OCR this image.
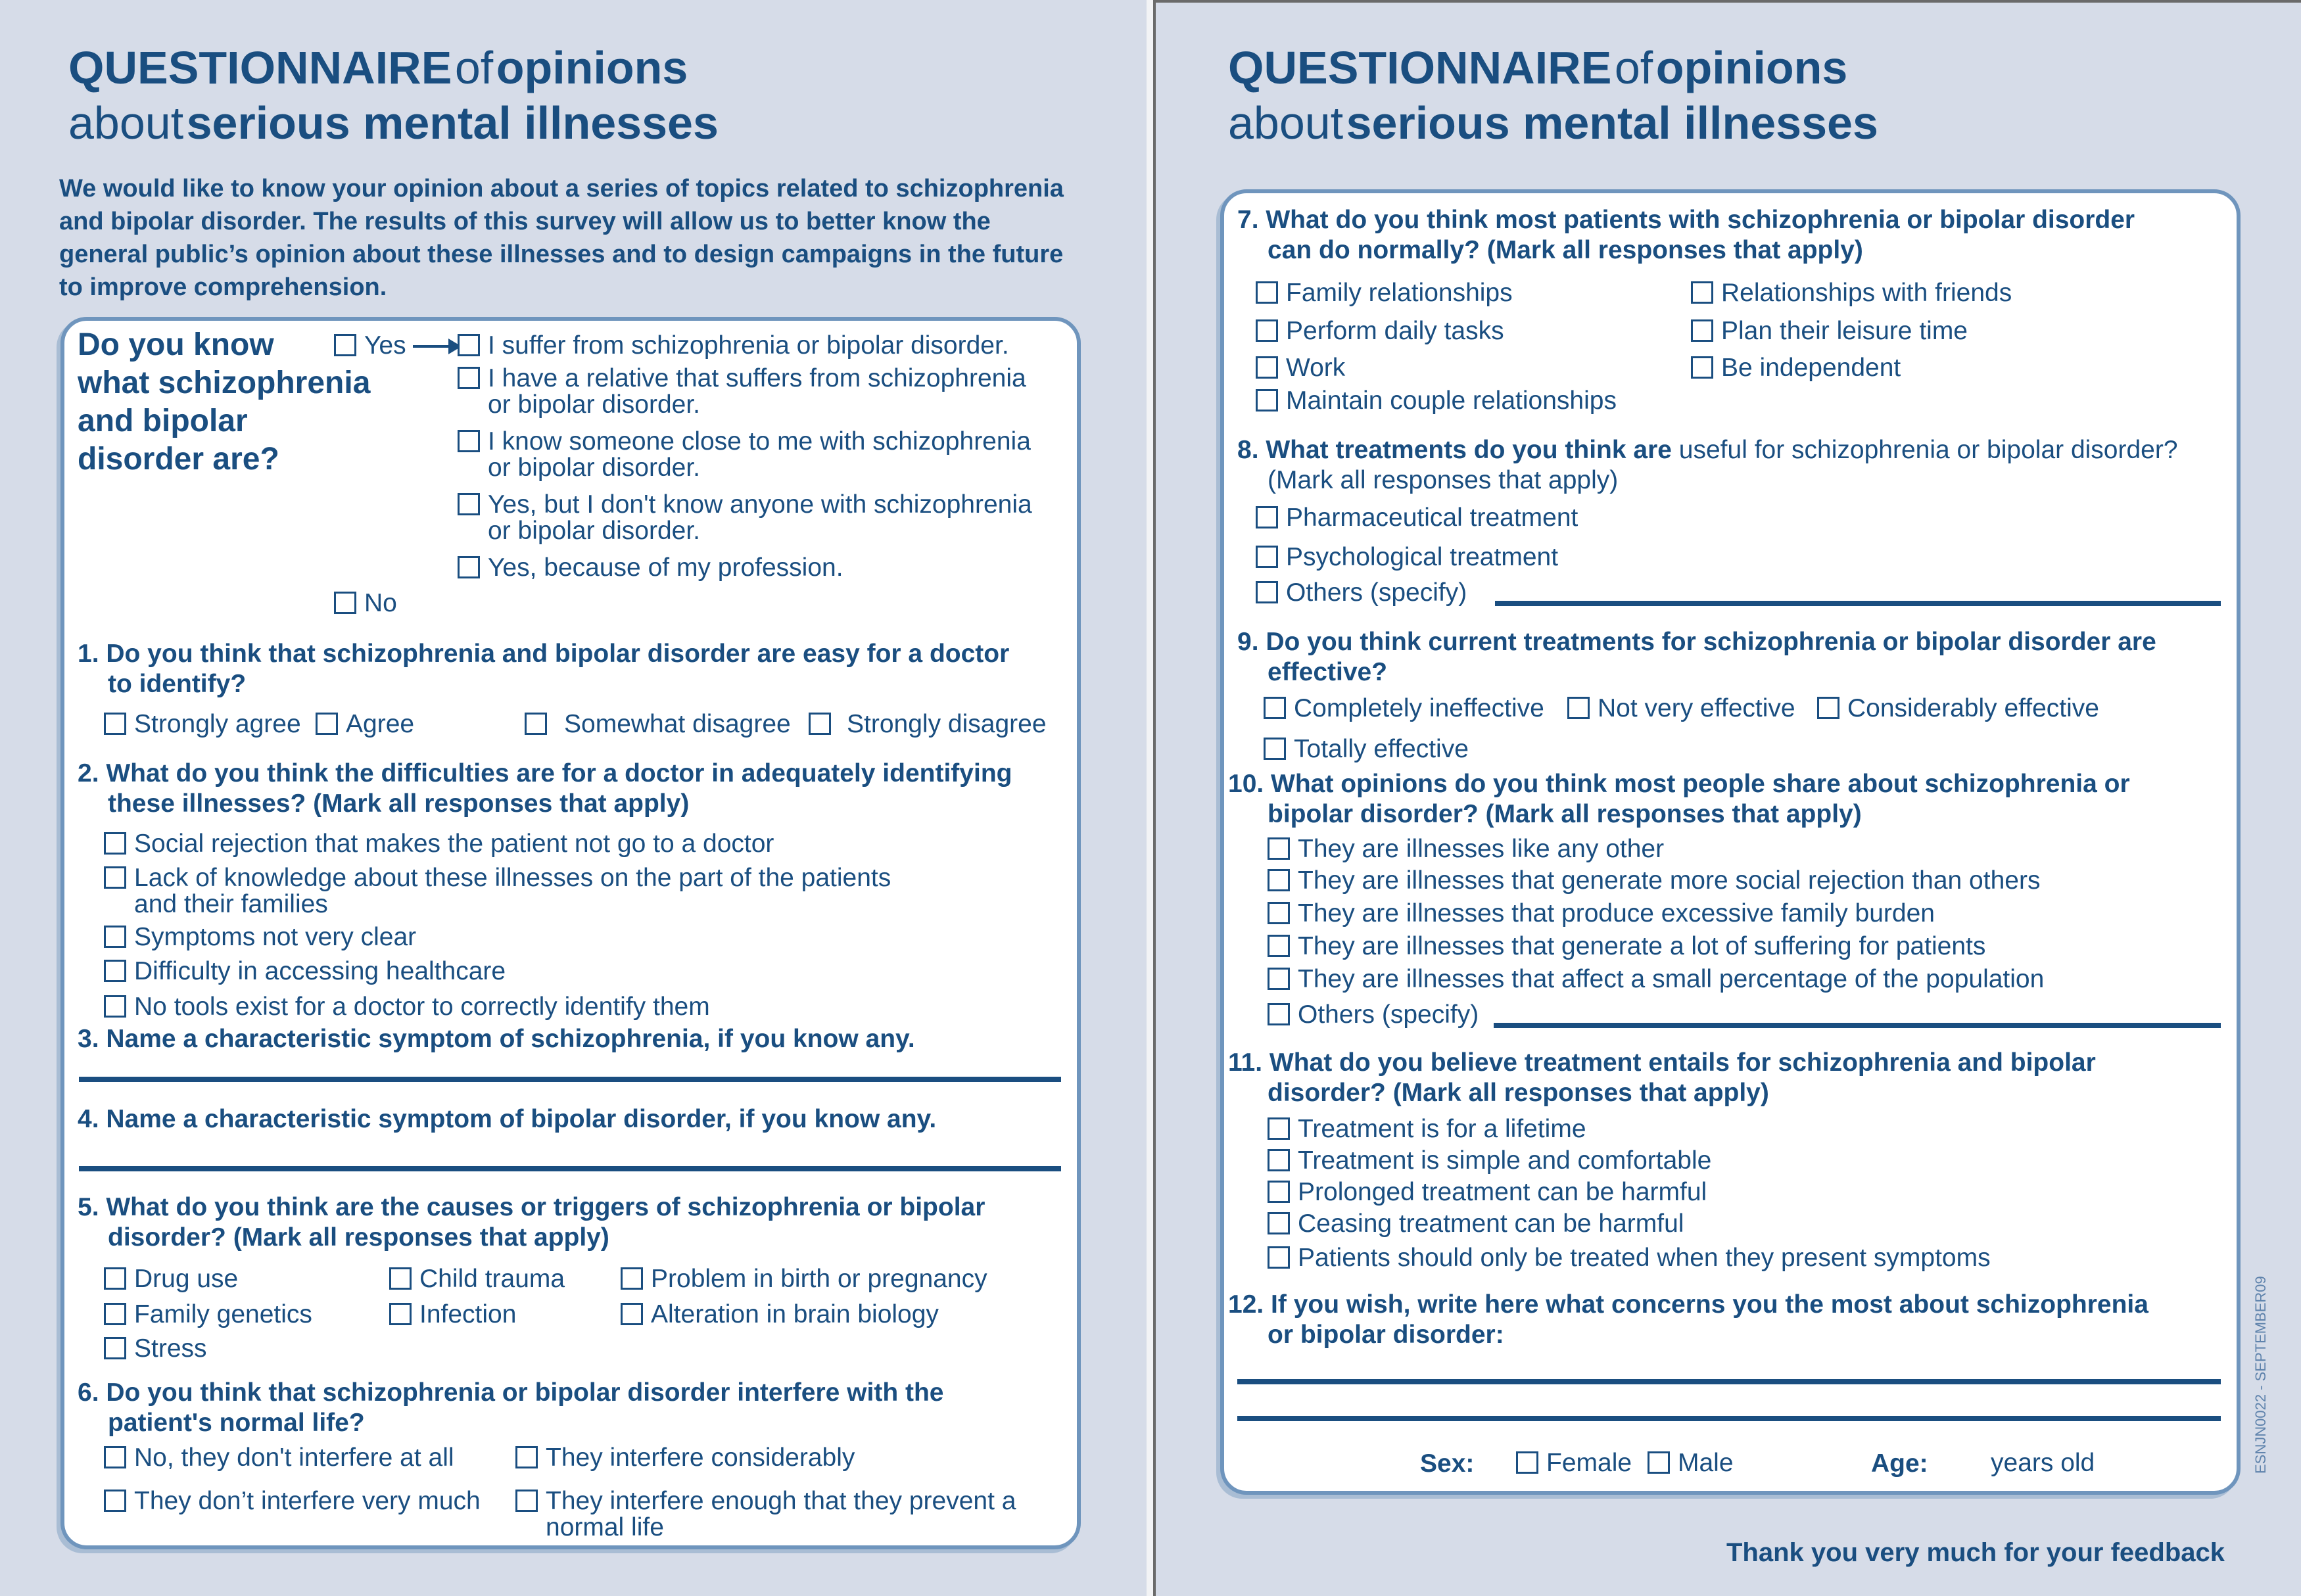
QUESTIONNAIRE of opinions
about serious mental illnesses
We would like to know your opinion about a series of topics related to schizophrenia and bipolar disorder. The results of this survey will allow us to better know the general public’s opinion about these illnesses and to design campaigns in the future to improve comprehension.
Do you know
what schizophrenia
and bipolar
disorder are?
Yes	I suffer from schizophrenia or bipolar disorder.
I have a relative that suffers from schizophrenia
or bipolar disorder.
I know someone close to me with schizophrenia
or bipolar disorder.
Yes, but I don't know anyone with schizophrenia
or bipolar disorder.
Yes, because of my profession.
No
1. Do you think that schizophrenia and bipolar disorder are easy for a doctor
to identify?
Strongly agree	Agree	Somewhat disagree	Strongly disagree
2. What do you think the difficulties are for a doctor in adequately identifying
these illnesses? (Mark all responses that apply)
Social rejection that makes the patient not go to a doctor
Lack of knowledge about these illnesses on the part of the patients
and their families
Symptoms not very clear
Difficulty in accessing healthcare
No tools exist for a doctor to correctly identify them
3. Name a characteristic symptom of schizophrenia, if you know any.
4. Name a characteristic symptom of bipolar disorder, if you know any.
5. What do you think are the causes or triggers of schizophrenia or bipolar
disorder? (Mark all responses that apply)
Drug use	Child trauma	Problem in birth or pregnancy
Family genetics	Infection	Alteration in brain biology
Stress
6. Do you think that schizophrenia or bipolar disorder interfere with the
patient's normal life?
No, they don't interfere at all	They interfere considerably
They don’t interfere very much	They interfere enough that they prevent a
normal life
QUESTIONNAIRE of opinions
about serious mental illnesses
7. What do you think most patients with schizophrenia or bipolar disorder
can do normally? (Mark all responses that apply)
Family relationships	Relationships with friends
Perform daily tasks	Plan their leisure time
Work	Be independent
Maintain couple relationships
8. What treatments do you think are useful for schizophrenia or bipolar disorder?
(Mark all responses that apply)
Pharmaceutical treatment
Psychological treatment
Others (specify)
9. Do you think current treatments for schizophrenia or bipolar disorder are
effective?
Completely ineffective	Not very effective	Considerably effective
Totally effective
10. What opinions do you think most people share about schizophrenia or
bipolar disorder? (Mark all responses that apply)
They are illnesses like any other
They are illnesses that generate more social rejection than others
They are illnesses that produce excessive family burden
They are illnesses that generate a lot of suffering for patients
They are illnesses that affect a small percentage of the population
Others (specify)
11. What do you believe treatment entails for schizophrenia and bipolar
disorder? (Mark all responses that apply)
Treatment is for a lifetime
Treatment is simple and comfortable
Prolonged treatment can be harmful
Ceasing treatment can be harmful
Patients should only be treated when they present symptoms
12. If you wish, write here what concerns you the most about schizophrenia
or bipolar disorder:
Sex:	Female	Male	Age: years old	ESNJN0022 - SEPTEMBER09
Thank you very much for your feedback
